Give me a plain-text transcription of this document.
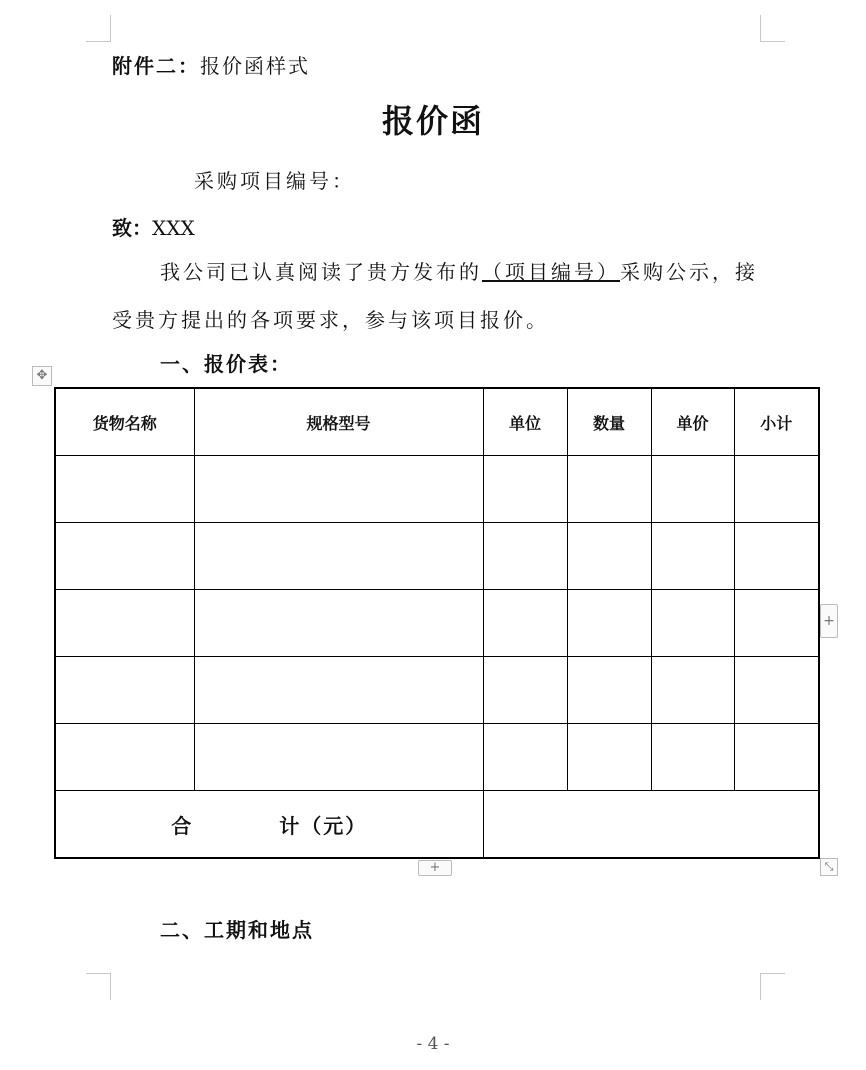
附件二：报价函样式
报价函
采购项目编号：
致：XXX
我公司已认真阅读了贵方发布的（项目编号）采购公示，接
受贵方提出的各项要求，参与该项目报价。
一、报价表：
✥
货物名称	规格型号	单位	数量	单价	小计

合 计（元）					
+
+	⤡
二、工期和地点
- 4 -
